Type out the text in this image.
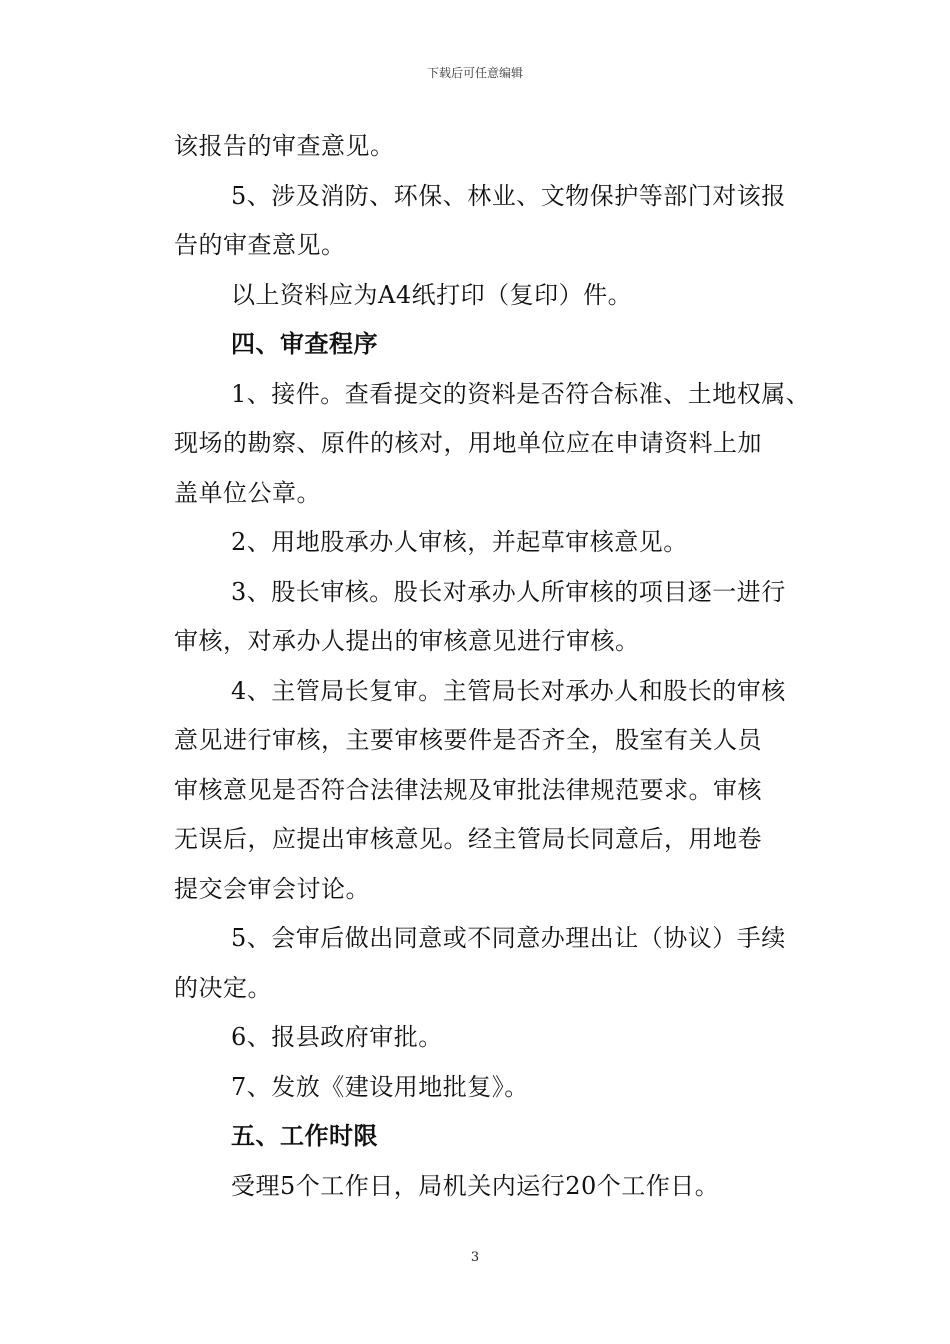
下载后可任意编辑
该报告的审查意见。
5、涉及消防、环保、林业、文物保护等部门对该报
告的审查意见。
以上资料应为A4纸打印（复印）件。
四、审查程序
1、接件。查看提交的资料是否符合标准、土地权属、
现场的勘察、原件的核对，用地单位应在申请资料上加
盖单位公章。
2、用地股承办人审核，并起草审核意见。
3、股长审核。股长对承办人所审核的项目逐一进行
审核，对承办人提出的审核意见进行审核。
4、主管局长复审。主管局长对承办人和股长的审核
意见进行审核，主要审核要件是否齐全，股室有关人员
审核意见是否符合法律法规及审批法律规范要求。审核
无误后，应提出审核意见。经主管局长同意后，用地卷
提交会审会讨论。
5、会审后做出同意或不同意办理出让（协议）手续
的决定。
6、报县政府审批。
7、发放《建设用地批复》。
五、工作时限
受理5个工作日，局机关内运行20个工作日。
3
